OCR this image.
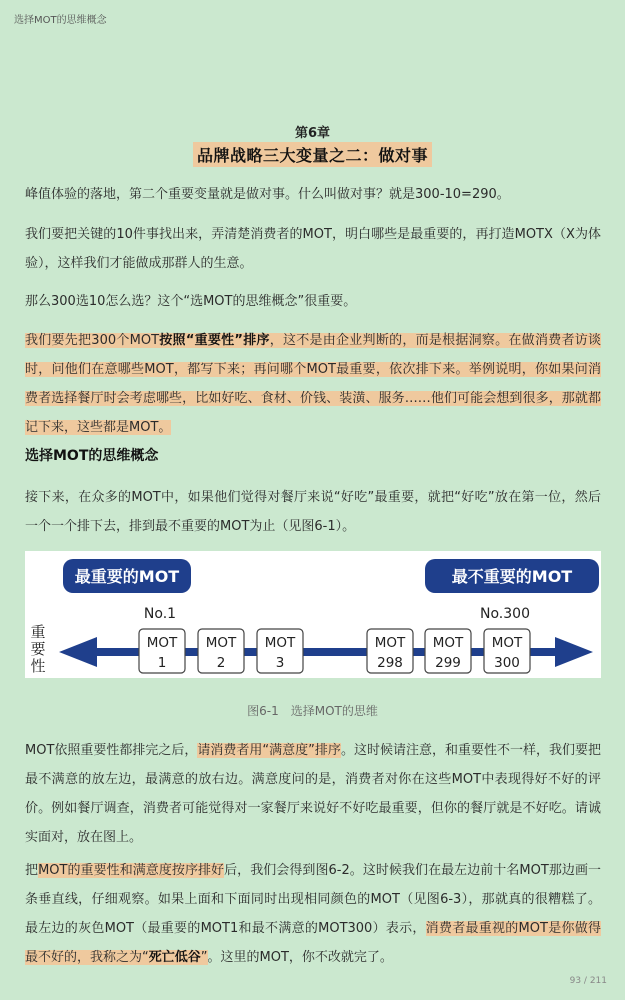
选择MOT的思维概念
第6章
品牌战略三大变量之二：做对事

峰值体验的落地，第二个重要变量就是做对事。什么叫做对事？就是300-10=290。

我们要把关键的10件事找出来，弄清楚消费者的MOT，明白哪些是最重要的，再打造MOTX（X为体验），这样我们才能做成那群人的生意。

那么300选10怎么选？这个“选MOT的思维概念”很重要。

我们要先把300个MOT按照“重要性”排序，这不是由企业判断的，而是根据洞察。在做消费者访谈时，问他们在意哪些MOT，都写下来；再问哪个MOT最重要，依次排下来。举例说明，你如果问消费者选择餐厅时会考虑哪些，比如好吃、食材、价钱、装潢、服务……他们可能会想到很多，那就都记下来，这些都是MOT。

选择MOT的思维概念

接下来，在众多的MOT中，如果他们觉得对餐厅来说“好吃”最重要，就把“好吃”放在第一位，然后一个一个排下去，排到最不重要的MOT为止（见图6-1）。

最重要的MOT	最不重要的MOT
No.1	No.300
重
要
性
MOT
1
MOT
2
MOT
3
MOT
298
MOT
299
MOT
300
图6-1　选择MOT的思维

MOT依照重要性都排完之后，请消费者用“满意度”排序。这时候请注意，和重要性不一样，我们要把最不满意的放左边，最满意的放右边。满意度问的是，消费者对你在这些MOT中表现得好不好的评价。例如餐厅调查，消费者可能觉得对一家餐厅来说好不好吃最重要，但你的餐厅就是不好吃。请诚实面对，放在图上。

把MOT的重要性和满意度按序排好后，我们会得到图6-2。这时候我们在最左边前十名MOT那边画一条垂直线，仔细观察。如果上面和下面同时出现相同颜色的MOT（见图6-3），那就真的很糟糕了。最左边的灰色MOT（最重要的MOT1和最不满意的MOT300）表示，消费者最重视的MOT是你做得最不好的，我称之为“死亡低谷”。这里的MOT，你不改就完了。

93 / 211
